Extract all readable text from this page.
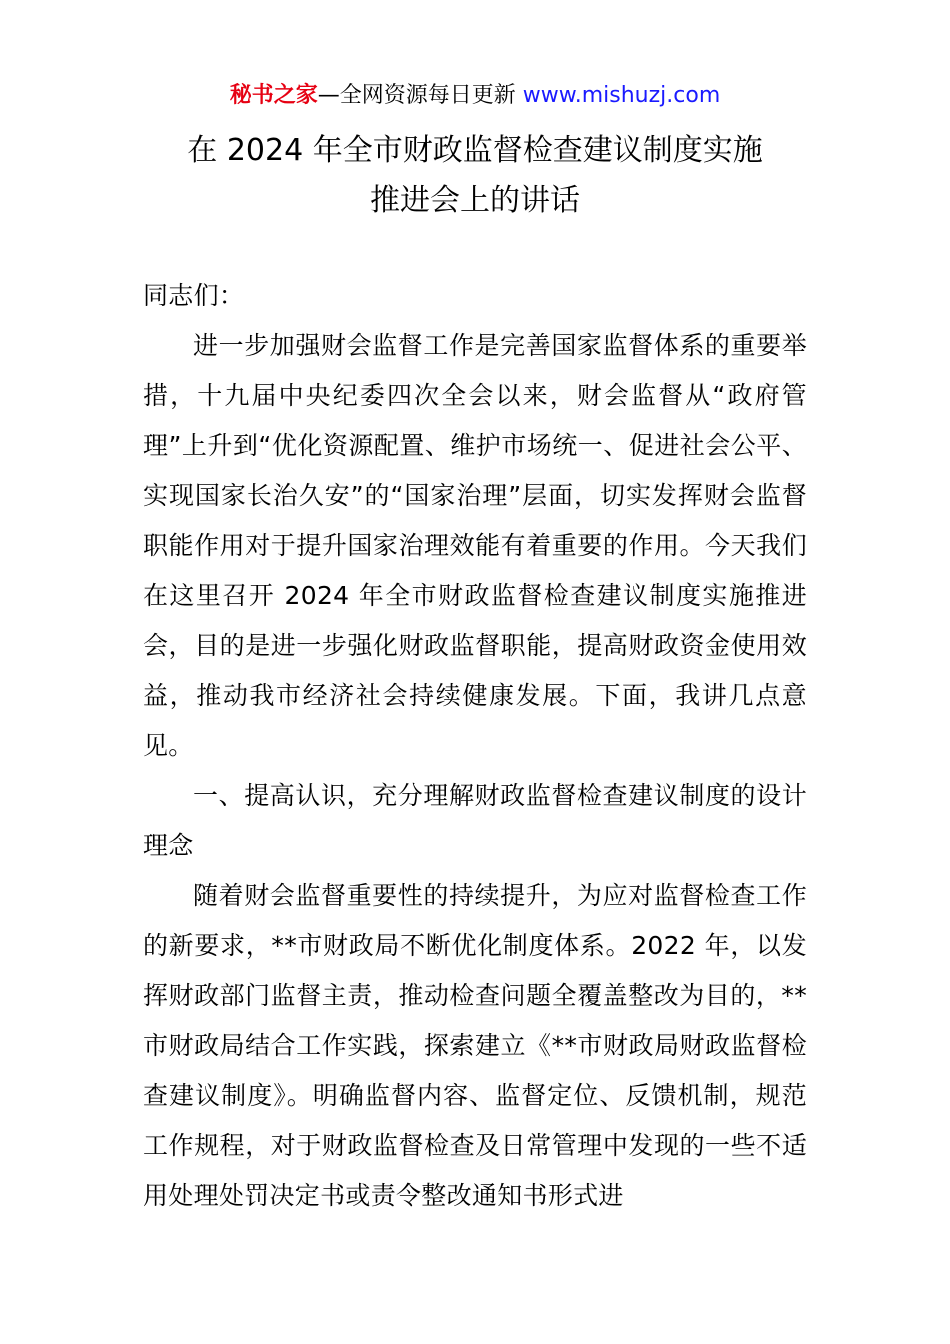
秘书之家—全网资源每日更新 www.mishuzj.com
在 2024 年全市财政监督检查建议制度实施
推进会上的讲话

同志们：

进一步加强财会监督工作是完善国家监督体系的重要举措，十九届中央纪委四次全会以来，财会监督从“政府管理”上升到“优化资源配置、维护市场统一、促进社会公平、实现国家长治久安”的“国家治理”层面，切实发挥财会监督职能作用对于提升国家治理效能有着重要的作用。今天我们在这里召开 2024 年全市财政监督检查建议制度实施推进会，目的是进一步强化财政监督职能，提高财政资金使用效益，推动我市经济社会持续健康发展。下面，我讲几点意见。

一、提高认识，充分理解财政监督检查建议制度的设计理念

随着财会监督重要性的持续提升，为应对监督检查工作的新要求，**市财政局不断优化制度体系。2022 年，以发挥财政部门监督主责，推动检查问题全覆盖整改为目的，**市财政局结合工作实践，探索建立《**市财政局财政监督检查建议制度》。明确监督内容、监督定位、反馈机制，规范工作规程，对于财政监督检查及日常管理中发现的一些不适用处理处罚决定书或责令整改通知书形式进
